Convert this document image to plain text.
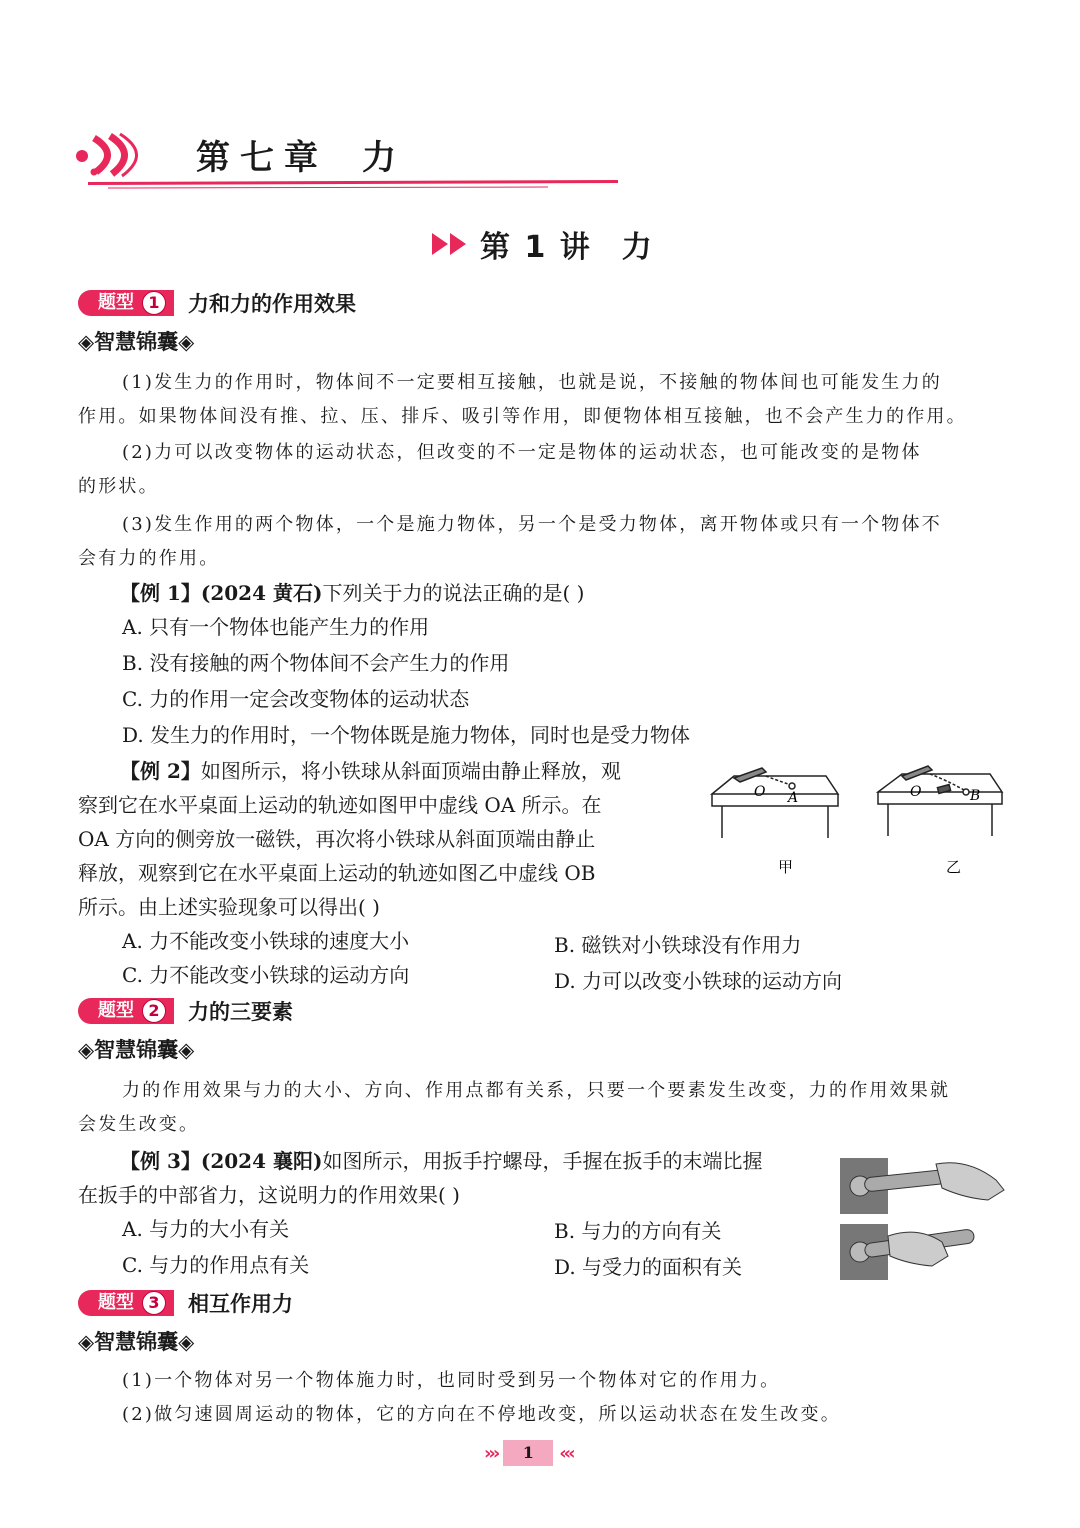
第七章 力
第 1 讲 力
题型 1	力和力的作用效果
◈智慧锦囊◈
(1)发生力的作用时，物体间不一定要相互接触，也就是说，不接触的物体间也可能发生力的
作用。如果物体间没有推、拉、压、排斥、吸引等作用，即便物体相互接触，也不会产生力的作用。
(2)力可以改变物体的运动状态，但改变的不一定是物体的运动状态，也可能改变的是物体
的形状。
(3)发生作用的两个物体，一个是施力物体，另一个是受力物体，离开物体或只有一个物体不
会有力的作用。
【例 1】(2024 黄石)下列关于力的说法正确的是( )
A. 只有一个物体也能产生力的作用
B. 没有接触的两个物体间不会产生力的作用
C. 力的作用一定会改变物体的运动状态
D. 发生力的作用时，一个物体既是施力物体，同时也是受力物体
【例 2】如图所示，将小铁球从斜面顶端由静止释放，观
察到它在水平桌面上运动的轨迹如图甲中虚线 OA 所示。在
OA 方向的侧旁放一磁铁，再次将小铁球从斜面顶端由静止
释放，观察到它在水平桌面上运动的轨迹如图乙中虚线 OB
所示。由上述实验现象可以得出( )
O A
甲
O	B
乙
A. 力不能改变小铁球的速度大小	B. 磁铁对小铁球没有作用力
C. 力不能改变小铁球的运动方向	D. 力可以改变小铁球的运动方向
题型 2	力的三要素
◈智慧锦囊◈
力的作用效果与力的大小、方向、作用点都有关系，只要一个要素发生改变，力的作用效果就
会发生改变。
【例 3】(2024 襄阳)如图所示，用扳手拧螺母，手握在扳手的末端比握
在扳手的中部省力，这说明力的作用效果( )
A. 与力的大小有关	B. 与力的方向有关
C. 与力的作用点有关	D. 与受力的面积有关
题型 3	相互作用力
◈智慧锦囊◈
(1)一个物体对另一个物体施力时，也同时受到另一个物体对它的作用力。
(2)做匀速圆周运动的物体，它的方向在不停地改变，所以运动状态在发生改变。
›››	1	‹‹‹
